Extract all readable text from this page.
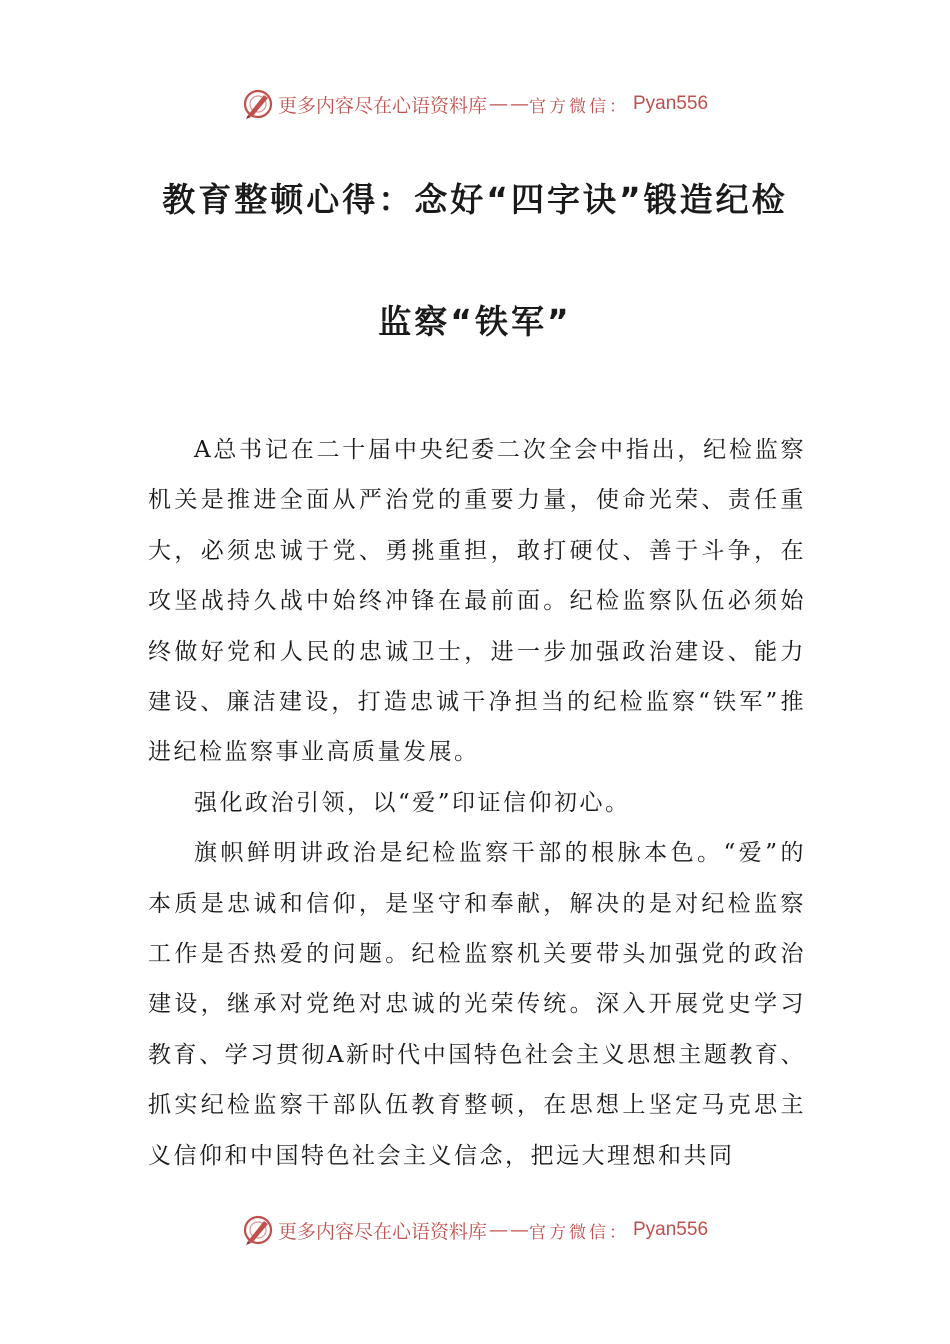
更多内容尽在心语资料库 — — 官方微信： Pyan556
教育整顿心得：念好“四字诀”锻造纪检
监察“铁军”

A总书记在二十届中央纪委二次全会中指出，纪检监察机关是推进全面从严治党的重要力量，使命光荣、责任重大，必须忠诚于党、勇挑重担，敢打硬仗、善于斗争，在攻坚战持久战中始终冲锋在最前面。纪检监察队伍必须始终做好党和人民的忠诚卫士，进一步加强政治建设、能力建设、廉洁建设，打造忠诚干净担当的纪检监察“铁军”推进纪检监察事业高质量发展。

强化政治引领，以“爱”印证信仰初心。

旗帜鲜明讲政治是纪检监察干部的根脉本色。“爱”的本质是忠诚和信仰，是坚守和奉献，解决的是对纪检监察工作是否热爱的问题。纪检监察机关要带头加强党的政治建设，继承对党绝对忠诚的光荣传统。深入开展党史学习教育、学习贯彻A新时代中国特色社会主义思想主题教育、抓实纪检监察干部队伍教育整顿，在思想上坚定马克思主义信仰和中国特色社会主义信念，把远大理想和共同

更多内容尽在心语资料库 — — 官方微信： Pyan556
